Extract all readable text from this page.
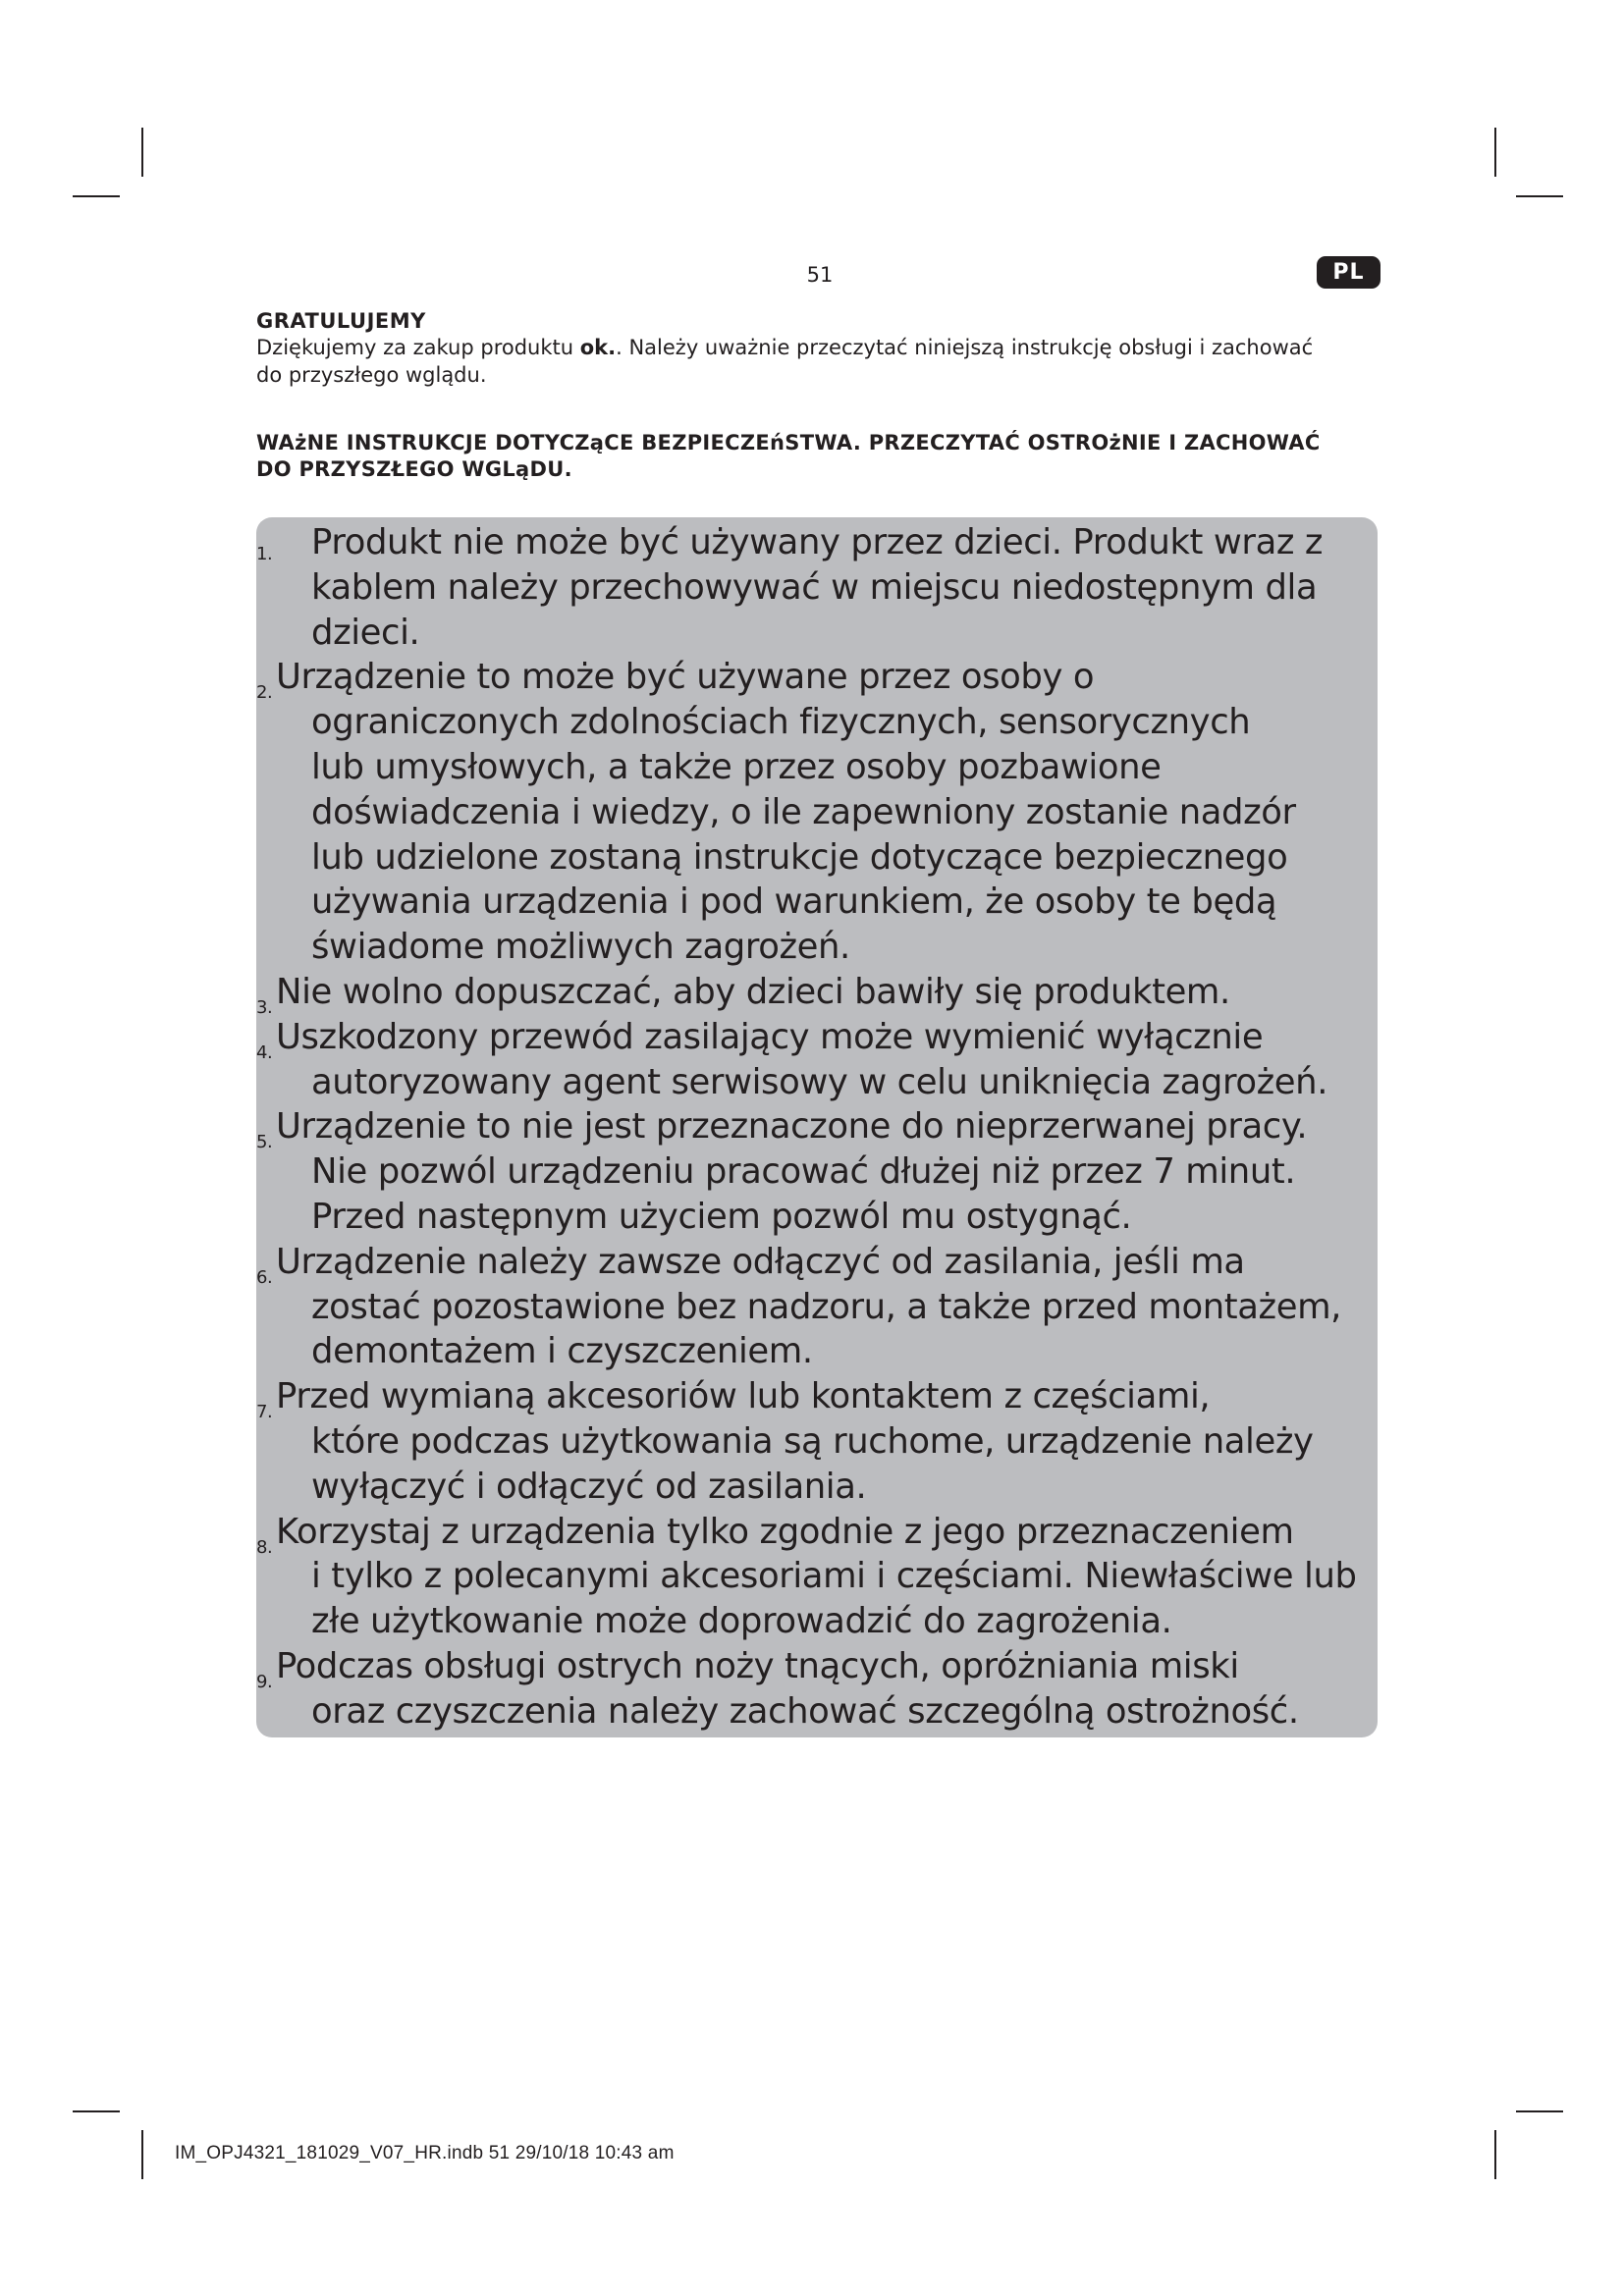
51	PL
GRATULUJEMY

Dziękujemy za zakup produktu ok.. Należy uważnie przeczytać niniejszą instrukcję obsługi i zachować
do przyszłego wglądu.

WAżNE INSTRUKCJE DOTYCZąCE BEZPIECZEńSTWA. PRZECZYTAĆ OSTROżNIE I ZACHOWAĆ
DO PRZYSZŁEGO WGLąDU.
1. Produkt nie może być używany przez dzieci. Produkt wraz z
kablem należy przechowywać w miejscu niedostępnym dla
dzieci.
2. Urządzenie to może być używane przez osoby o
ograniczonych zdolnościach fizycznych, sensorycznych
lub umysłowych, a także przez osoby pozbawione
doświadczenia i wiedzy, o ile zapewniony zostanie nadzór
lub udzielone zostaną instrukcje dotyczące bezpiecznego
używania urządzenia i pod warunkiem, że osoby te będą
świadome możliwych zagrożeń.
3. Nie wolno dopuszczać, aby dzieci bawiły się produktem.
4. Uszkodzony przewód zasilający może wymienić wyłącznie
autoryzowany agent serwisowy w celu uniknięcia zagrożeń.
5. Urządzenie to nie jest przeznaczone do nieprzerwanej pracy.
Nie pozwól urządzeniu pracować dłużej niż przez 7 minut.
Przed następnym użyciem pozwól mu ostygnąć.
6. Urządzenie należy zawsze odłączyć od zasilania, jeśli ma
zostać pozostawione bez nadzoru, a także przed montażem,
demontażem i czyszczeniem.
7. Przed wymianą akcesoriów lub kontaktem z częściami,
które podczas użytkowania są ruchome, urządzenie należy
wyłączyć i odłączyć od zasilania.
8. Korzystaj z urządzenia tylko zgodnie z jego przeznaczeniem
i tylko z polecanymi akcesoriami i częściami. Niewłaściwe lub
złe użytkowanie może doprowadzić do zagrożenia.
9. Podczas obsługi ostrych noży tnących, opróżniania miski
oraz czyszczenia należy zachować szczególną ostrożność.
IM_OPJ4321_181029_V07_HR.indb 51 29/10/18 10:43 am
